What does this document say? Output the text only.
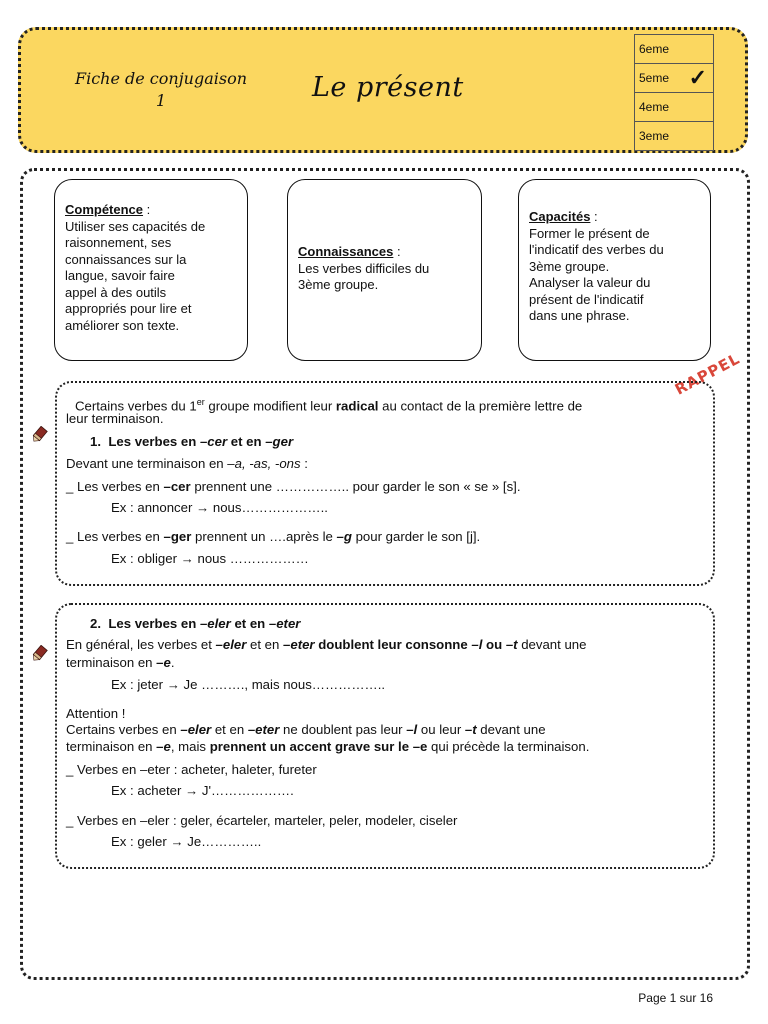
Fiche de conjugaison
1	Le présent
6eme
5eme ✓

4eme
3eme
Compétence :
Utiliser ses capacités de
raisonnement, ses
connaissances sur la
langue, savoir faire
appel à des outils
appropriés pour lire et
améliorer son texte.
Connaissances :
Les verbes difficiles du
3ème groupe.
Capacités :
Former le présent de
l'indicatif des verbes du
3ème groupe.
Analyser la valeur du
présent de l'indicatif
dans une phrase.
RAPPEL
Certains verbes du 1er groupe modifient leur radical au contact de la première lettre de
leur terminaison.
1. Les verbes en –cer et en –ger
Devant une terminaison en –a, -as, -ons :
_ Les verbes en –cer prennent une …………….. pour garder le son « se » [s].
Ex : annoncer → nous………………..
_ Les verbes en –ger prennent un ….après le –g pour garder le son [j].
Ex : obliger → nous ………………
2. Les verbes en –eler et en –eter
En général, les verbes et –eler et en –eter doublent leur consonne –l ou –t devant une
terminaison en –e.
Ex : jeter → Je ………., mais nous……………..
Attention !
Certains verbes en –eler et en –eter ne doublent pas leur –l ou leur –t devant une
terminaison en –e, mais prennent un accent grave sur le –e qui précède la terminaison.
_ Verbes en –eter : acheter, haleter, fureter
Ex : acheter → J'……………….
_ Verbes en –eler : geler, écarteler, marteler, peler, modeler, ciseler
Ex : geler → Je…………..
Page 1 sur 16
